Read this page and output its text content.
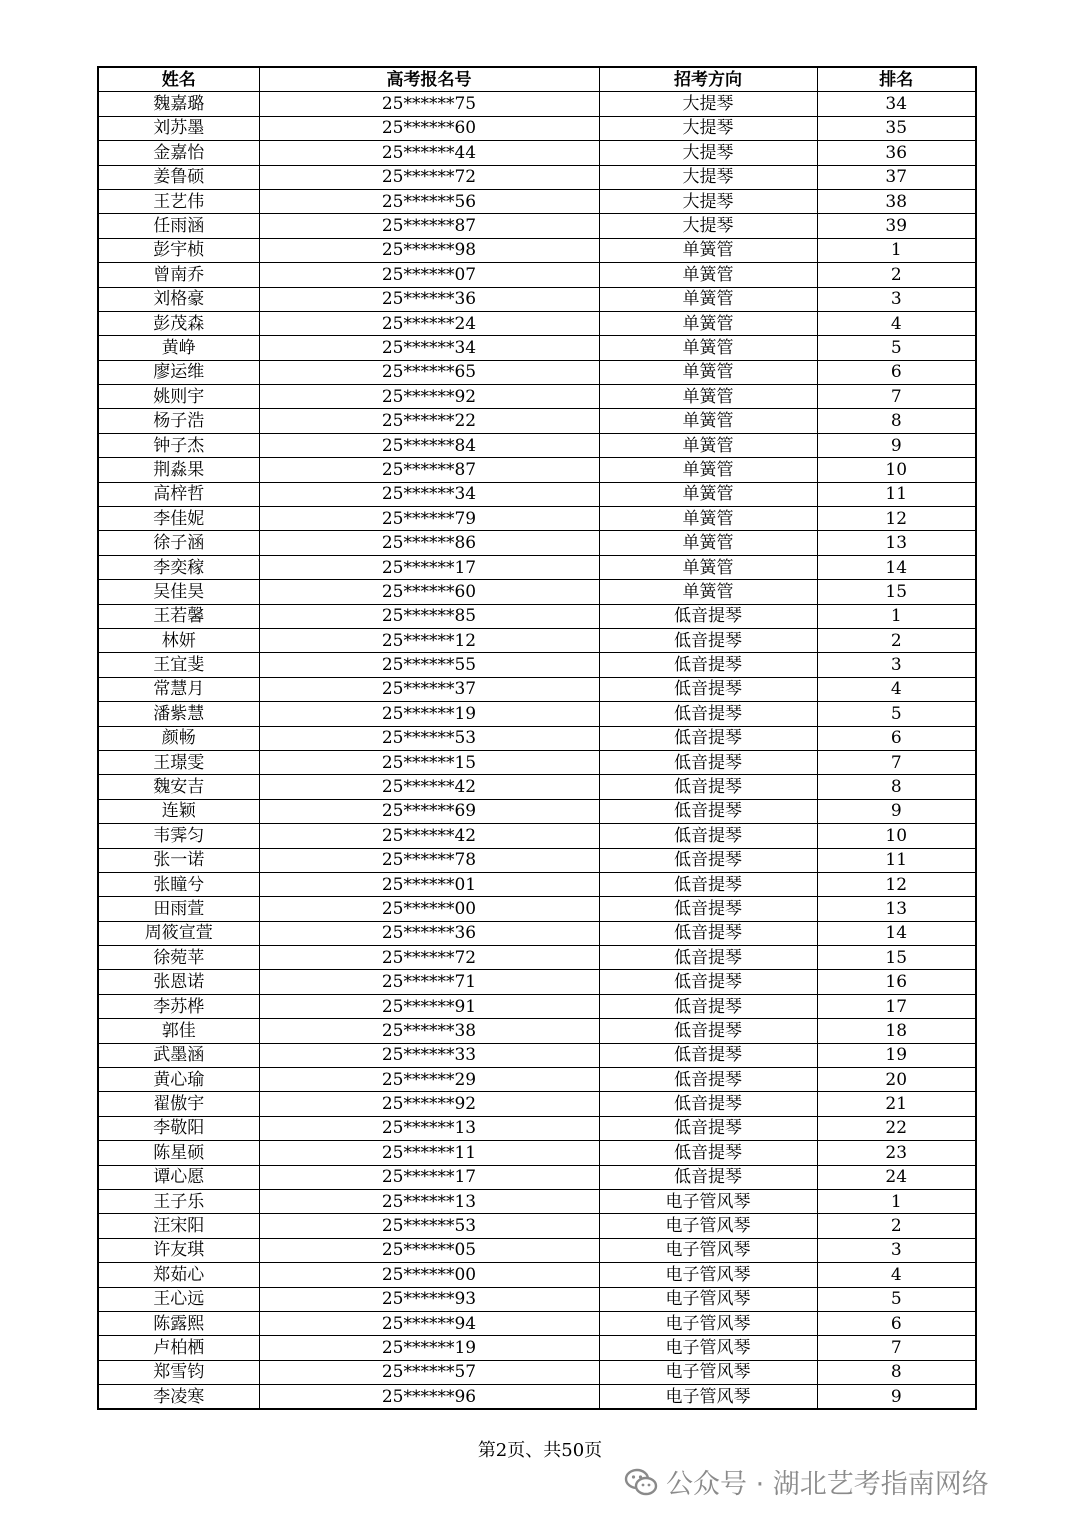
姓名	高考报名号	招考方向	排名
魏嘉璐	25******75	大提琴	34
刘苏墨	25******60	大提琴	35
金嘉怡	25******44	大提琴	36
姜鲁硕	25******72	大提琴	37
王艺伟	25******56	大提琴	38
任雨涵	25******87	大提琴	39
彭宇桢	25******98	单簧管	1
曾南乔	25******07	单簧管	2
刘格豪	25******36	单簧管	3
彭茂森	25******24	单簧管	4
黄峥	25******34	单簧管	5
廖运维	25******65	单簧管	6
姚则宇	25******92	单簧管	7
杨子浩	25******22	单簧管	8
钟子杰	25******84	单簧管	9
荆淼果	25******87	单簧管	10
高梓哲	25******34	单簧管	11
李佳妮	25******79	单簧管	12
徐子涵	25******86	单簧管	13
李奕稼	25******17	单簧管	14
吴佳昊	25******60	单簧管	15
王若馨	25******85	低音提琴	1
林妍	25******12	低音提琴	2
王宜斐	25******55	低音提琴	3
常慧月	25******37	低音提琴	4
潘紫慧	25******19	低音提琴	5
颜畅	25******53	低音提琴	6
王璟雯	25******15	低音提琴	7
魏安吉	25******42	低音提琴	8
连颖	25******69	低音提琴	9
韦霁匀	25******42	低音提琴	10
张一诺	25******78	低音提琴	11
张瞳兮	25******01	低音提琴	12
田雨萱	25******00	低音提琴	13
周筱宣萱	25******36	低音提琴	14
徐菀苹	25******72	低音提琴	15
张恩诺	25******71	低音提琴	16
李苏桦	25******91	低音提琴	17
郭佳	25******38	低音提琴	18
武墨涵	25******33	低音提琴	19
黄心瑜	25******29	低音提琴	20
翟傲宇	25******92	低音提琴	21
李敬阳	25******13	低音提琴	22
陈星硕	25******11	低音提琴	23
谭心愿	25******17	低音提琴	24
王子乐	25******13	电子管风琴	1
汪宋阳	25******53	电子管风琴	2
许友琪	25******05	电子管风琴	3
郑茹心	25******00	电子管风琴	4
王心远	25******93	电子管风琴	5
陈露熙	25******94	电子管风琴	6
卢柏栖	25******19	电子管风琴	7
郑雪钧	25******57	电子管风琴	8
李凌寒	25******96	电子管风琴	9
第2页、共50页
公众号 · 湖北艺考指南网络
